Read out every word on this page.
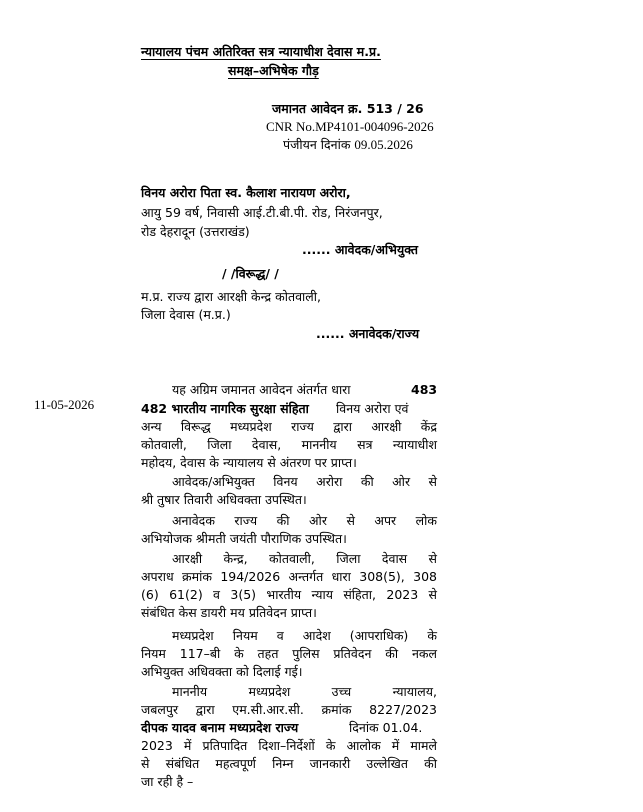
न्यायालय पंचम अतिरिक्त सत्र न्यायाधीश देवास म.प्र.
समक्ष–अभिषेक गौड़
जमानत आवेदन क्र. 513 / 26
CNR No.MP4101-004096-2026
पंजीयन दिनांक 09.05.2026
विनय अरोरा पिता स्व. कैलाश नारायण अरोरा,
आयु 59 वर्ष, निवासी आई.टी.बी.पी. रोड, निरंजनपुर,
रोड देहरादून (उत्तराखंड)
...... आवेदक/अभियुक्त
/ /विरूद्ध/ /
म.प्र. राज्य द्वारा आरक्षी केन्द्र कोतवाली,
जिला देवास (म.प्र.)
...... अनावेदक/राज्य
11-05-2026
यह अग्रिम जमानत आवेदन अंतर्गत धारा	483
482 भारतीय नागरिक सुरक्षा संहिता विनय अरोरा एवं
अन्य विरूद्ध मध्यप्रदेश राज्य द्वारा आरक्षी केंद्र
कोतवाली, जिला देवास, माननीय सत्र न्यायाधीश
महोदय, देवास के न्यायालय से अंतरण पर प्राप्त।
आवेदक/अभियुक्त विनय अरोरा की ओर से
श्री तुषार तिवारी अधिवक्ता उपस्थित।
अनावेदक राज्य की ओर से अपर लोक
अभियोजक श्रीमती जयंती पौराणिक उपस्थित।
आरक्षी केन्द्र, कोतवाली, जिला देवास से
अपराध क्रमांक 194/2026 अन्तर्गत धारा 308(5), 308
(6) 61(2) व 3(5) भारतीय न्याय संहिता, 2023 से
संबंधित केस डायरी मय प्रतिवेदन प्राप्त।
मध्यप्रदेश नियम व आदेश (आपराधिक) के
नियम 117–बी के तहत पुलिस प्रतिवेदन की नकल
अभियुक्त अधिवक्ता को दिलाई गई।
माननीय मध्यप्रदेश उच्च न्यायालय,
जबलपुर द्वारा एम.सी.आर.सी. क्रमांक 8227/2023
दीपक यादव बनाम मध्यप्रदेश राज्य	दिनांक 01.04.
2023 में प्रतिपादित दिशा–निर्देशों के आलोक में मामले
से संबंधित महत्वपूर्ण निम्न जानकारी उल्लेखित की
जा रही है –
